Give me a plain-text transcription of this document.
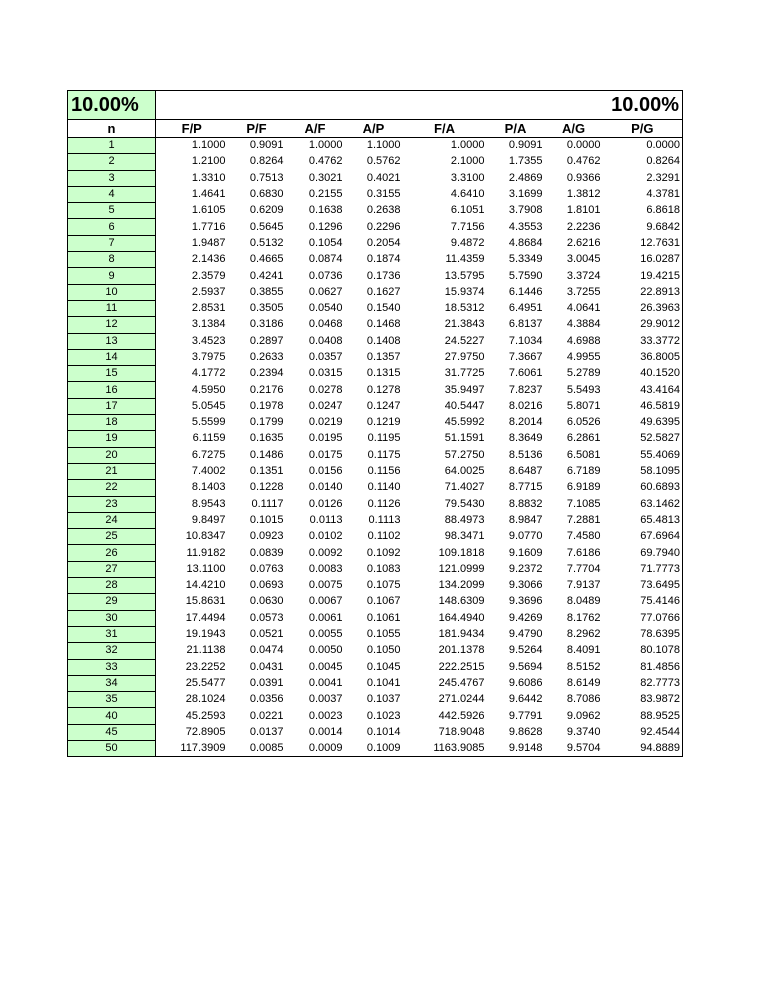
10.00%								10.00%
n	F/P	P/F	A/F	A/P	F/A	P/A	A/G	P/G
1	1.1000	0.9091	1.0000	1.1000	1.0000	0.9091	0.0000	0.0000
2	1.2100	0.8264	0.4762	0.5762	2.1000	1.7355	0.4762	0.8264
3	1.3310	0.7513	0.3021	0.4021	3.3100	2.4869	0.9366	2.3291
4	1.4641	0.6830	0.2155	0.3155	4.6410	3.1699	1.3812	4.3781
5	1.6105	0.6209	0.1638	0.2638	6.1051	3.7908	1.8101	6.8618
6	1.7716	0.5645	0.1296	0.2296	7.7156	4.3553	2.2236	9.6842
7	1.9487	0.5132	0.1054	0.2054	9.4872	4.8684	2.6216	12.7631
8	2.1436	0.4665	0.0874	0.1874	11.4359	5.3349	3.0045	16.0287
9	2.3579	0.4241	0.0736	0.1736	13.5795	5.7590	3.3724	19.4215
10	2.5937	0.3855	0.0627	0.1627	15.9374	6.1446	3.7255	22.8913
11	2.8531	0.3505	0.0540	0.1540	18.5312	6.4951	4.0641	26.3963
12	3.1384	0.3186	0.0468	0.1468	21.3843	6.8137	4.3884	29.9012
13	3.4523	0.2897	0.0408	0.1408	24.5227	7.1034	4.6988	33.3772
14	3.7975	0.2633	0.0357	0.1357	27.9750	7.3667	4.9955	36.8005
15	4.1772	0.2394	0.0315	0.1315	31.7725	7.6061	5.2789	40.1520
16	4.5950	0.2176	0.0278	0.1278	35.9497	7.8237	5.5493	43.4164
17	5.0545	0.1978	0.0247	0.1247	40.5447	8.0216	5.8071	46.5819
18	5.5599	0.1799	0.0219	0.1219	45.5992	8.2014	6.0526	49.6395
19	6.1159	0.1635	0.0195	0.1195	51.1591	8.3649	6.2861	52.5827
20	6.7275	0.1486	0.0175	0.1175	57.2750	8.5136	6.5081	55.4069
21	7.4002	0.1351	0.0156	0.1156	64.0025	8.6487	6.7189	58.1095
22	8.1403	0.1228	0.0140	0.1140	71.4027	8.7715	6.9189	60.6893
23	8.9543	0.1117	0.0126	0.1126	79.5430	8.8832	7.1085	63.1462
24	9.8497	0.1015	0.0113	0.1113	88.4973	8.9847	7.2881	65.4813
25	10.8347	0.0923	0.0102	0.1102	98.3471	9.0770	7.4580	67.6964
26	11.9182	0.0839	0.0092	0.1092	109.1818	9.1609	7.6186	69.7940
27	13.1100	0.0763	0.0083	0.1083	121.0999	9.2372	7.7704	71.7773
28	14.4210	0.0693	0.0075	0.1075	134.2099	9.3066	7.9137	73.6495
29	15.8631	0.0630	0.0067	0.1067	148.6309	9.3696	8.0489	75.4146
30	17.4494	0.0573	0.0061	0.1061	164.4940	9.4269	8.1762	77.0766
31	19.1943	0.0521	0.0055	0.1055	181.9434	9.4790	8.2962	78.6395
32	21.1138	0.0474	0.0050	0.1050	201.1378	9.5264	8.4091	80.1078
33	23.2252	0.0431	0.0045	0.1045	222.2515	9.5694	8.5152	81.4856
34	25.5477	0.0391	0.0041	0.1041	245.4767	9.6086	8.6149	82.7773
35	28.1024	0.0356	0.0037	0.1037	271.0244	9.6442	8.7086	83.9872
40	45.2593	0.0221	0.0023	0.1023	442.5926	9.7791	9.0962	88.9525
45	72.8905	0.0137	0.0014	0.1014	718.9048	9.8628	9.3740	92.4544
50	117.3909	0.0085	0.0009	0.1009	1163.9085	9.9148	9.5704	94.8889
